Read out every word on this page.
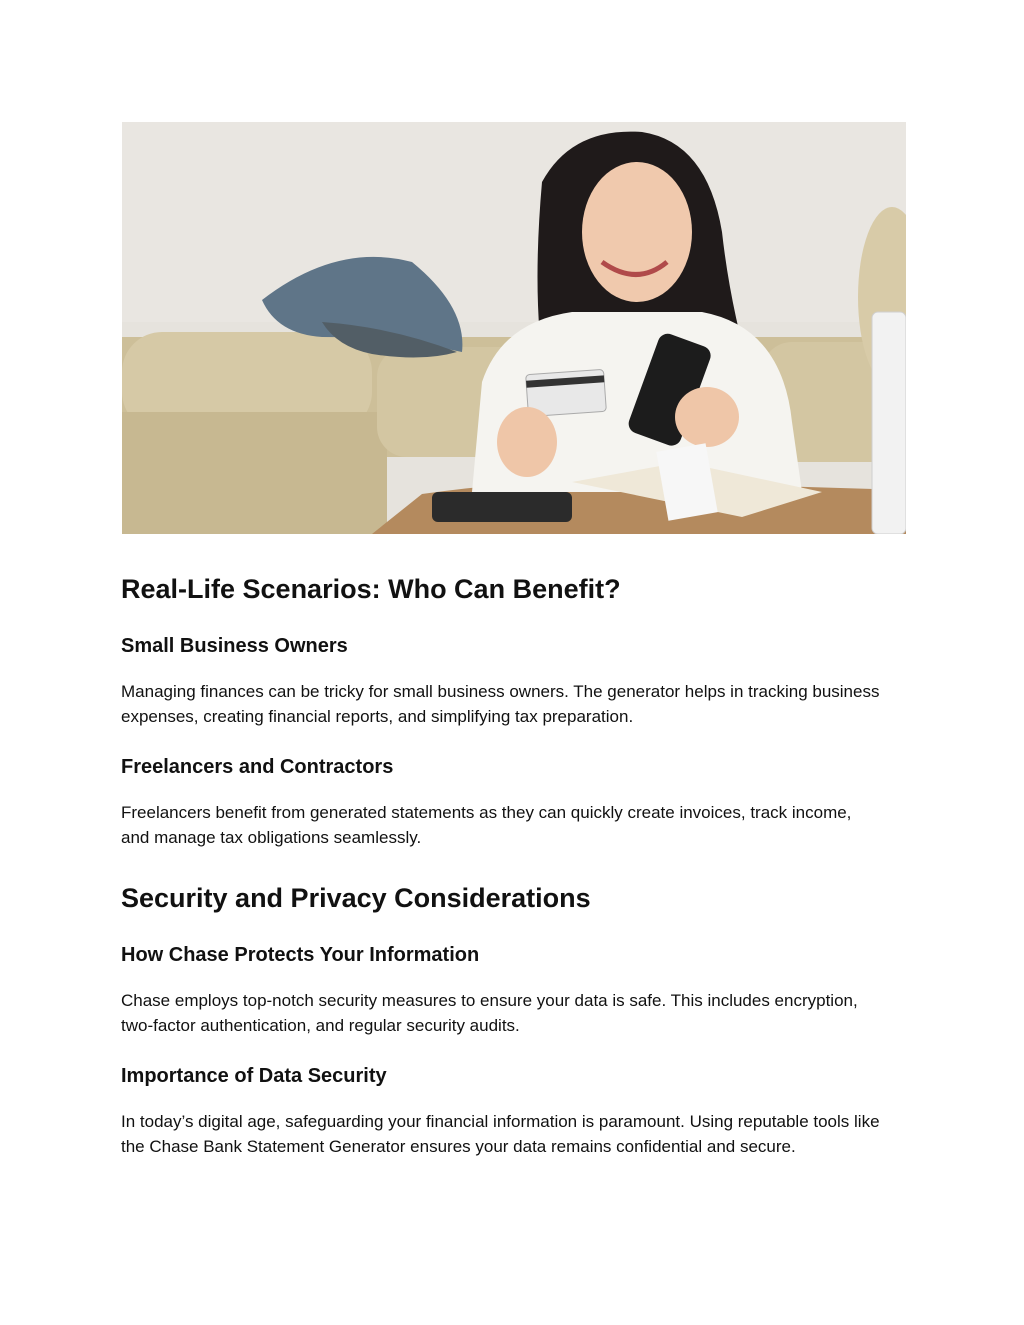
Real-Life Scenarios: Who Can Benefit?
Small Business Owners

Managing finances can be tricky for small business owners. The generator helps in tracking business expenses, creating financial reports, and simplifying tax preparation.

Freelancers and Contractors

Freelancers benefit from generated statements as they can quickly create invoices, track income, and manage tax obligations seamlessly.

Security and Privacy Considerations
How Chase Protects Your Information

Chase employs top-notch security measures to ensure your data is safe. This includes encryption, two-factor authentication, and regular security audits.

Importance of Data Security

In today’s digital age, safeguarding your financial information is paramount. Using reputable tools like the Chase Bank Statement Generator ensures your data remains confidential and secure.
